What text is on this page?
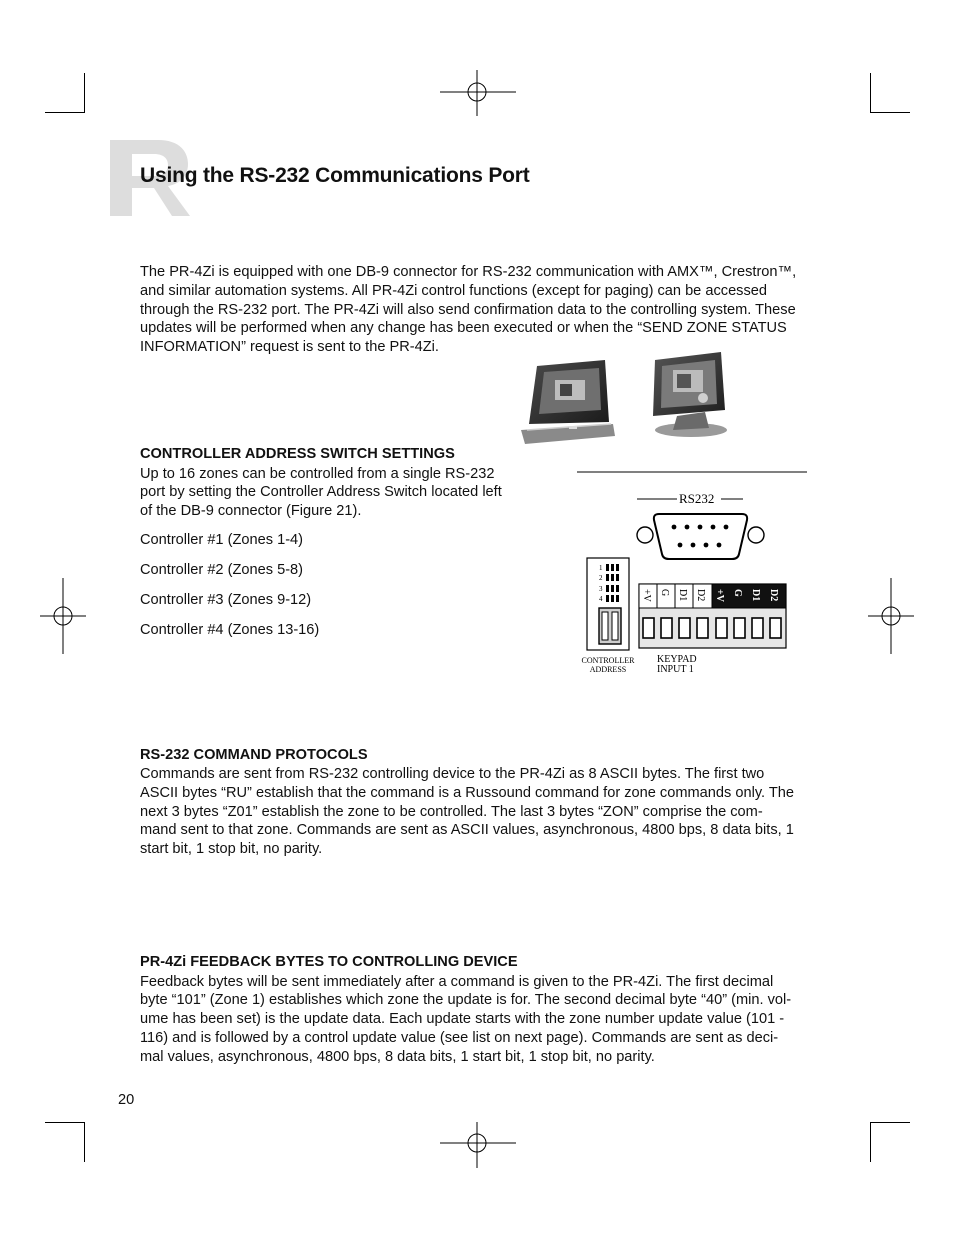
Using the RS-232 Communications Port

The PR-4Zi is equipped with one DB-9 connector for RS-232 communication with AMX™, Crestron™,

and similar automation systems. All PR-4Zi control functions (except for paging) can be accessed

through the RS-232 port. The PR-4Zi will also send confirmation data to the controlling system. These

updates will be performed when any change has been executed or when the “SEND ZONE STATUS

INFORMATION” request is sent to the PR-4Zi.

CONTROLLER ADDRESS SWITCH SETTINGS

Up to 16 zones can be controlled from a single RS-232

port by setting the Controller Address Switch located left

of the DB-9 connector (Figure 21).

Controller #1 (Zones 1-4)

Controller #2 (Zones 5-8)

Controller #3 (Zones 9-12)

Controller #4 (Zones 13-16)

RS232
1
2
3
4
CONTROLLER
ADDRESS
+V G D1 D2 +V G D1 D2
KEYPAD
INPUT 1
RS-232 COMMAND PROTOCOLS

Commands are sent from RS-232 controlling device to the PR-4Zi as 8 ASCII bytes. The first two

ASCII bytes “RU” establish that the command is a Russound command for zone commands only. The

next 3 bytes “Z01” establish the zone to be controlled. The last 3 bytes “ZON” comprise the com-

mand sent to that zone. Commands are sent as ASCII values, asynchronous, 4800 bps, 8 data bits, 1

start bit, 1 stop bit, no parity.

PR-4Zi FEEDBACK BYTES TO CONTROLLING DEVICE

Feedback bytes will be sent immediately after a command is given to the PR-4Zi. The first decimal

byte “101” (Zone 1) establishes which zone the update is for. The second decimal byte “40” (min. vol-

ume has been set) is the update data. Each update starts with the zone number update value (101 -

116) and is followed by a control update value (see list on next page). Commands are sent as deci-

mal values, asynchronous, 4800 bps, 8 data bits, 1 start bit, 1 stop bit, no parity.

20
